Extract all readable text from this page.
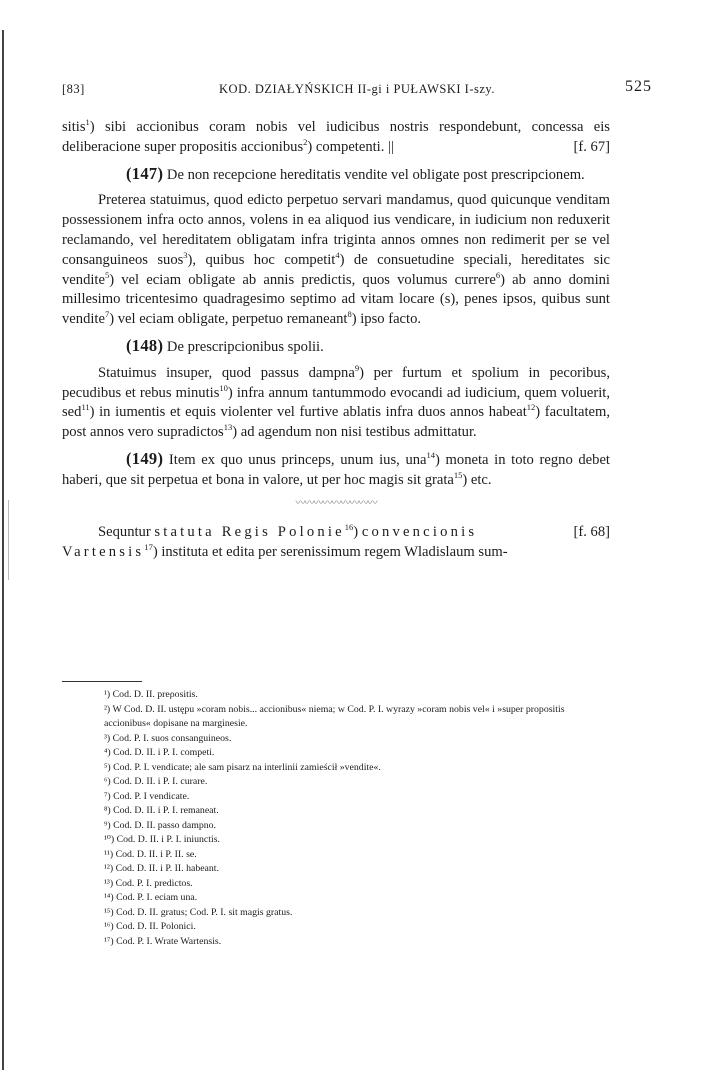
[83]	KOD. DZIAŁYŃSKICH II-gi i PUŁAWSKI I-szy.	525

sitis$^1$) sibi accionibus coram nobis vel iudicibus nostris respondebunt, concessa eis deliberacione super propositis accionibus$^2$) competenti. ||	[f. 67]

(147) De non recepcione hereditatis vendite vel obligate post prescripcionem.

Preterea statuimus, quod edicto perpetuo servari mandamus, quod quicunque venditam possessionem infra octo annos, volens in ea aliquod ius vendicare, in iudicium non reduxerit reclamando, vel hereditatem obligatam infra triginta annos omnes non redimerit per se vel consanguineos suos$^3$), quibus hoc competit$^4$) de consuetudine speciali, hereditates sic vendite$^5$) vel eciam obligate ab annis predictis, quos volumus currere$^6$) ab anno domini millesimo tricentesimo quadragesimo septimo ad vitam locare (s), penes ipsos, quibus sunt vendite$^7$) vel eciam obligate, perpetuo remaneant$^8$) ipso facto.

(148) De prescripcionibus spolii.

Statuimus insuper, quod passus dampna$^9$) per furtum et spolium in pecoribus, pecudibus et rebus minutis$^{10}$) infra annum tantummodo evocandi ad iudicium, quem voluerit, sed$^{11}$) in iumentis et equis violenter vel furtive ablatis infra duos annos habeat$^{12}$) facultatem, post annos vero supradictos$^{13}$) ad agendum non nisi testibus admittatur.

(149) Item ex quo unus princeps, unum ius, una$^{14}$) moneta in toto regno debet haberi, que sit perpetua et bona in valore, ut per hoc magis sit grata$^{15}$) etc.

〰〰〰〰〰〰〰〰〰

Sequntur statuta Regis Polonie$^{16}$) convencionis	[f. 68]

Vartensis$^{17}$) instituta et edita per serenissimum regem Wladislaum sum-

¹) Cod. D. II. preρositis.
²) W Cod. D. II. ustępu »coram nobis... accionibus« niema; w Cod. P. I. wyrazy »coram nobis vel« i »super propositis accionibus« dopisane na marginesie.
³) Cod. P. I. suos consanguineos.
⁴) Cod. D. II. i P. I. competi.
⁵) Cod. P. I. vendicate; ale sam pisarz na interlinii zamieścił »vendite«.
⁶) Cod. D. II. i P. I. curare.
⁷) Cod. P. I vendicate.
⁸) Cod. D. II. i P. I. remaneat.
⁹) Cod. D. II. passo dampno.
¹⁰) Cod. D. II. i P. I. iniunctis.
¹¹) Cod. D. II. i P. II. se.
¹²) Cod. D. II. i P. II. habeant.
¹³) Cod. P. I. predictos.
¹⁴) Cod. P. I. eciam una.
¹⁵) Cod. D. II. gratus; Cod. P. I. sit magis gratus.
¹⁶) Cod. D. II. Polonici.
¹⁷) Cod. P. I. Wrate Wartensis.
